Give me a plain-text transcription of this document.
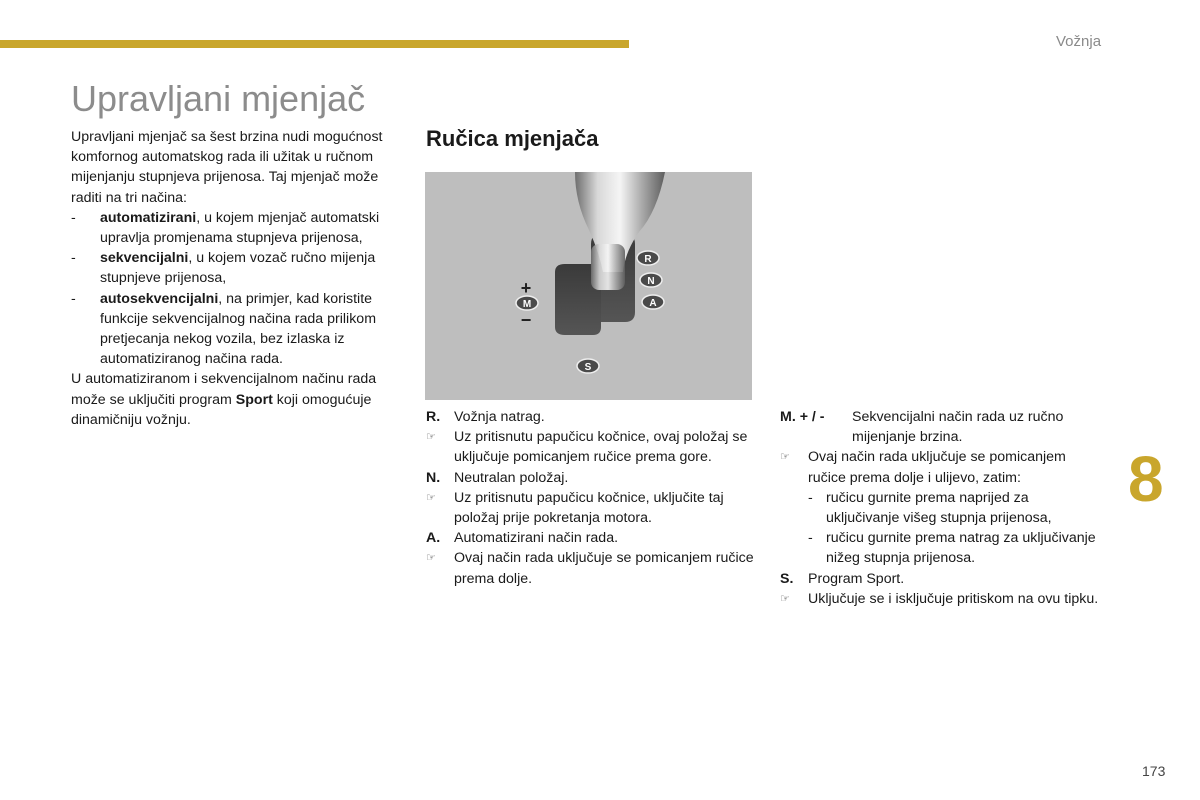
Vožnja
Upravljani mjenjač

Upravljani mjenjač sa šest brzina nudi mogućnost komfornog automatskog rada ili užitak u ručnom mijenjanju stupnjeva prijenosa. Taj mjenjač može raditi na tri načina:

-	automatizirani, u kojem mjenjač automatski upravlja promjenama stupnjeva prijenosa,
-	sekvencijalni, u kojem vozač ručno mijenja stupnjeve prijenosa,
-	autosekvencijalni, na primjer, kad koristite funkcije sekvencijalnog načina rada prilikom pretjecanja nekog vozila, bez izlaska iz automatiziranog načina rada.

U automatiziranom i sekvencijalnom načinu rada može se uključiti program Sport koji omogućuje dinamičniju vožnju.

Ručica mjenjača
R
N
A
M
S
+
−
R. Vožnja natrag.
☞	Uz pritisnutu papučicu kočnice, ovaj položaj se uključuje pomicanjem ručice prema gore.
N. Neutralan položaj.
☞	Uz pritisnutu papučicu kočnice, uključite taj položaj prije pokretanja motora.
A. Automatizirani način rada.
☞	Ovaj način rada uključuje se pomicanjem ručice prema dolje.
M. + / -	Sekvencijalni način rada uz ručno mijenjanje brzina.
☞	Ovaj način rada uključuje se pomicanjem ručice prema dolje i ulijevo, zatim:
- ručicu gurnite prema naprijed za uključivanje višeg stupnja prijenosa,
- ručicu gurnite prema natrag za uključivanje nižeg stupnja prijenosa.
S.	Program Sport.
☞	Uključuje se i isključuje pritiskom na ovu tipku.
8
173
